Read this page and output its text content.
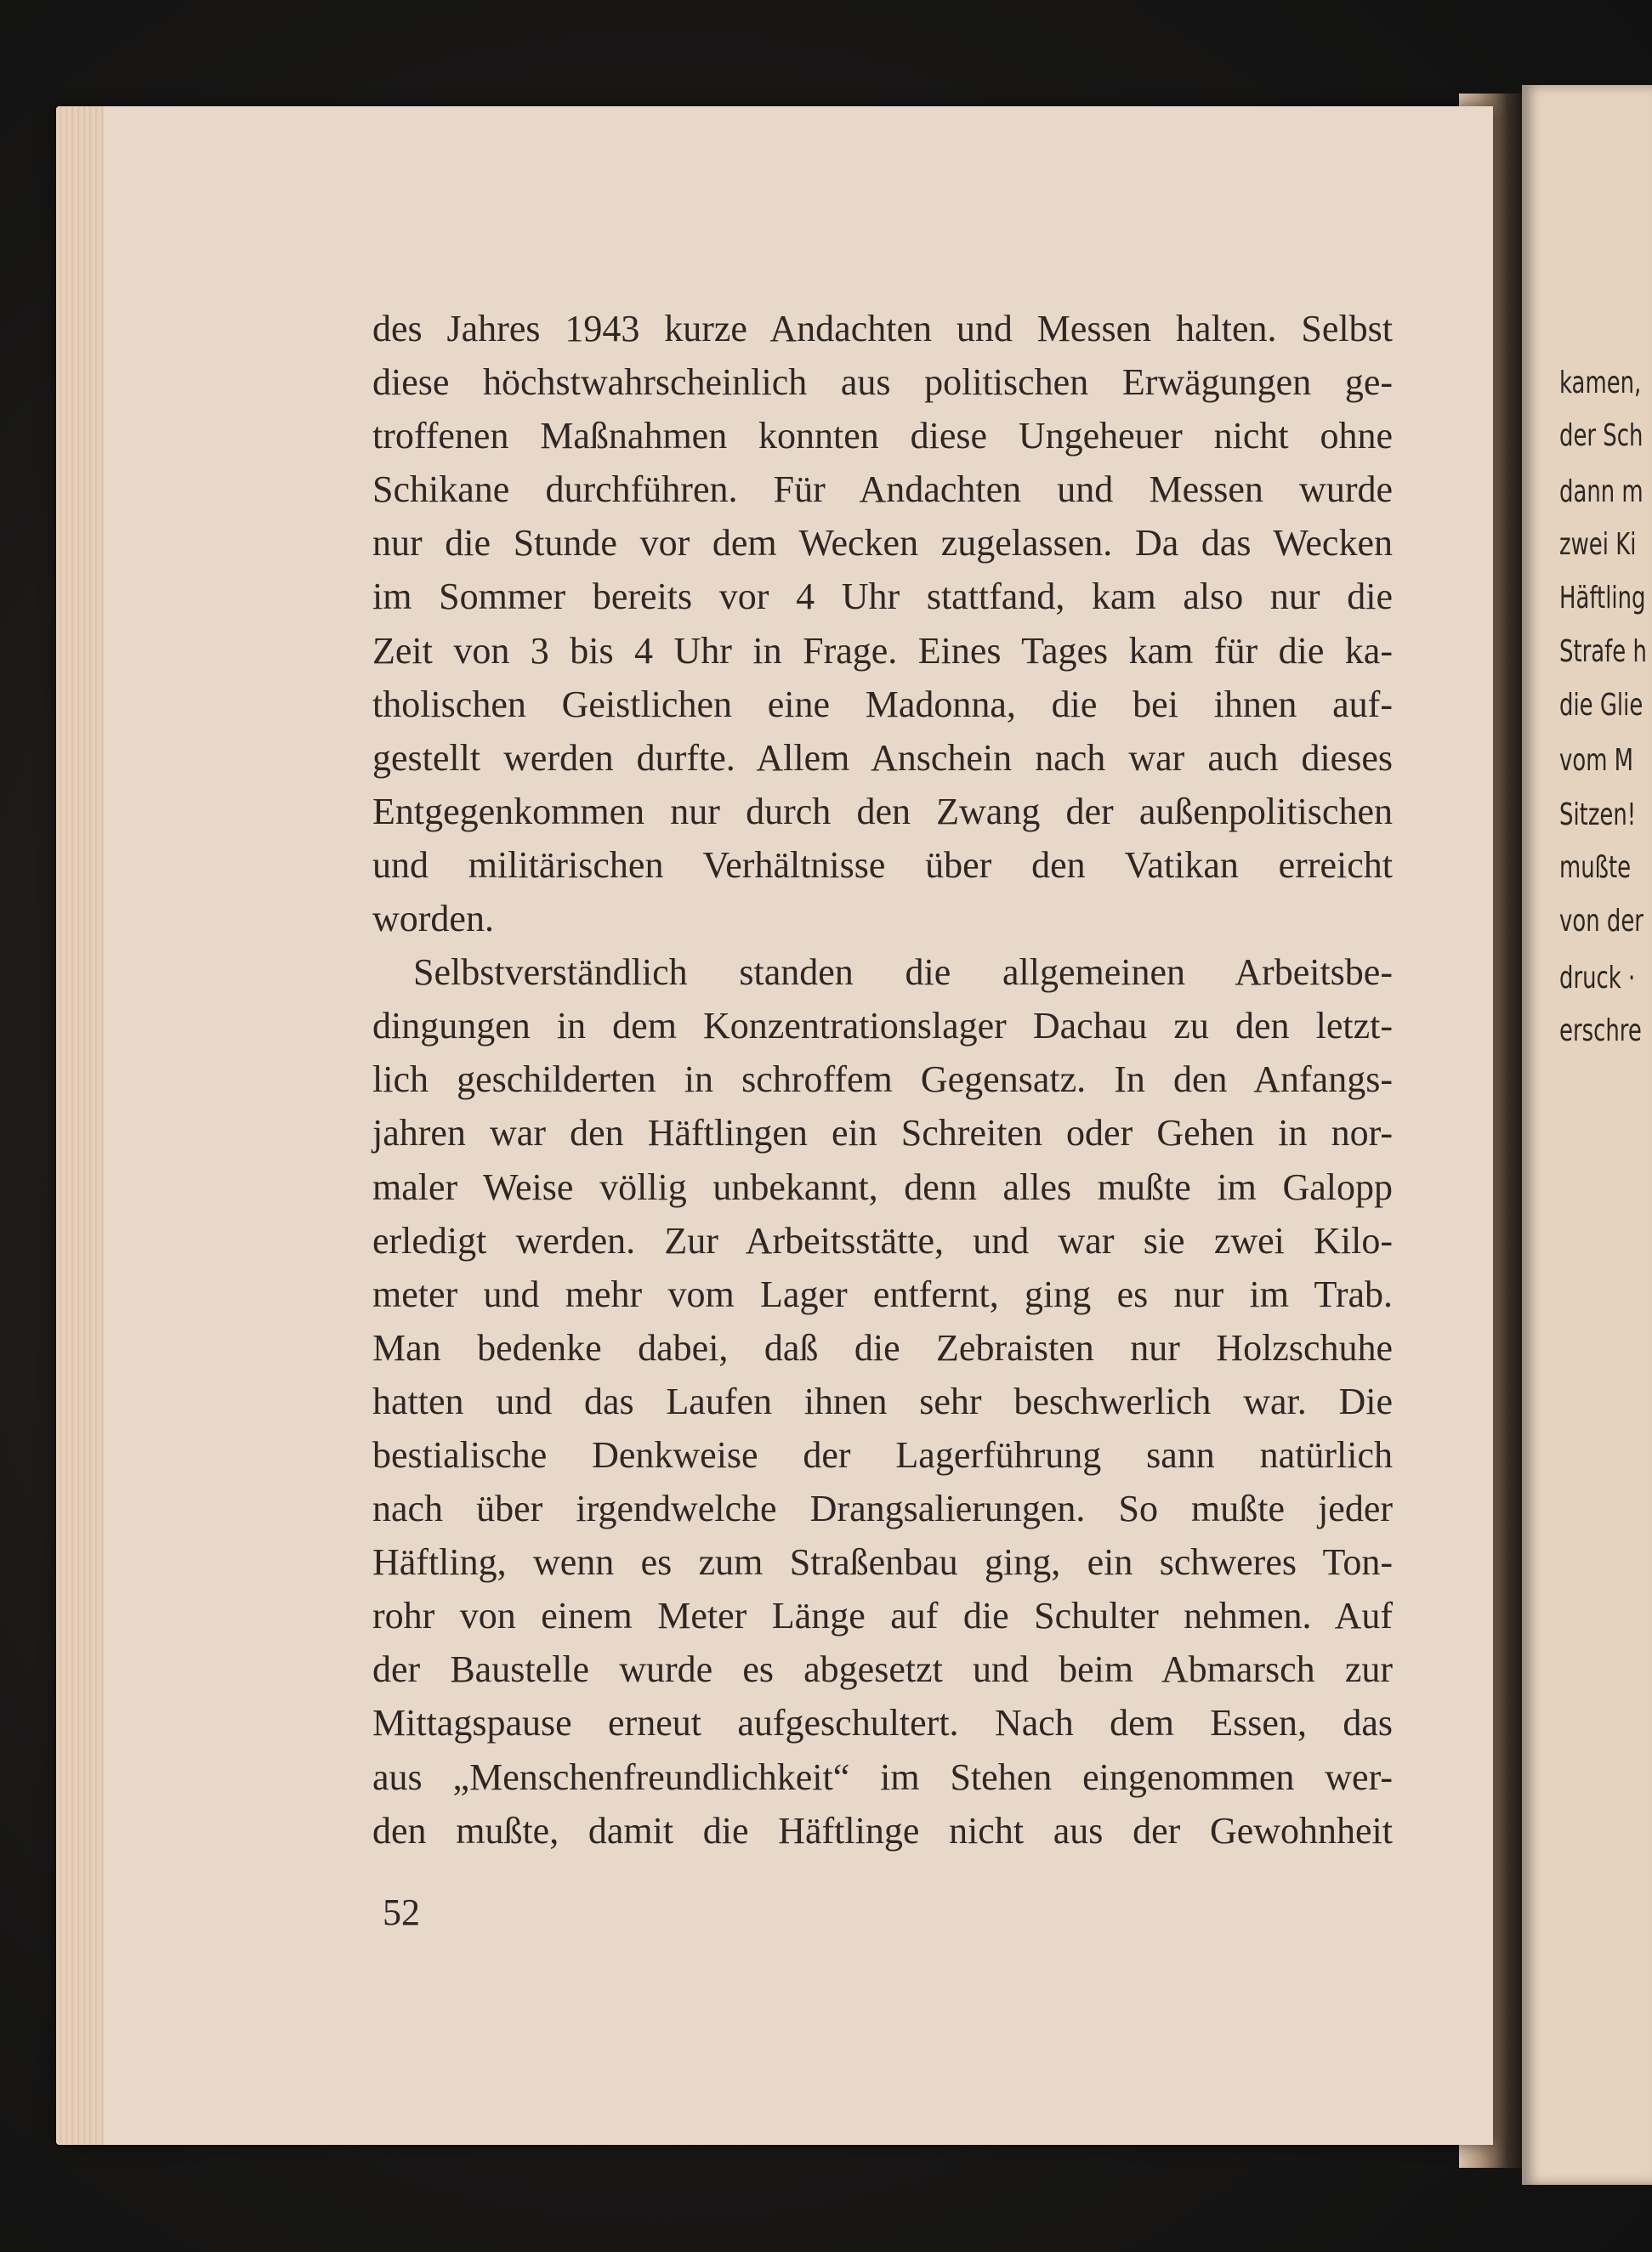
kamen,

der Sch

dann m

zwei Ki

Häftling

Strafe h

die Glie

vom M

Sitzen!

mußte

von der

druck ·

erschre

des Jahres 1943 kurze Andachten und Messen halten. Selbst

diese höchstwahrscheinlich aus politischen Erwägungen ge-

troffenen Maßnahmen konnten diese Ungeheuer nicht ohne

Schikane durchführen. Für Andachten und Messen wurde

nur die Stunde vor dem Wecken zugelassen. Da das Wecken

im Sommer bereits vor 4 Uhr stattfand, kam also nur die

Zeit von 3 bis 4 Uhr in Frage. Eines Tages kam für die ka-

tholischen Geistlichen eine Madonna, die bei ihnen auf-

gestellt werden durfte. Allem Anschein nach war auch dieses

Entgegenkommen nur durch den Zwang der außenpolitischen

und militärischen Verhältnisse über den Vatikan erreicht

worden.

Selbstverständlich standen die allgemeinen Arbeitsbe-

dingungen in dem Konzentrationslager Dachau zu den letzt-

lich geschilderten in schroffem Gegensatz. In den Anfangs-

jahren war den Häftlingen ein Schreiten oder Gehen in nor-

maler Weise völlig unbekannt, denn alles mußte im Galopp

erledigt werden. Zur Arbeitsstätte, und war sie zwei Kilo-

meter und mehr vom Lager entfernt, ging es nur im Trab.

Man bedenke dabei, daß die Zebraisten nur Holzschuhe

hatten und das Laufen ihnen sehr beschwerlich war. Die

bestialische Denkweise der Lagerführung sann natürlich

nach über irgendwelche Drangsalierungen. So mußte jeder

Häftling, wenn es zum Straßenbau ging, ein schweres Ton-

rohr von einem Meter Länge auf die Schulter nehmen. Auf

der Baustelle wurde es abgesetzt und beim Abmarsch zur

Mittagspause erneut aufgeschultert. Nach dem Essen, das

aus „Menschenfreundlichkeit“ im Stehen eingenommen wer-

den mußte, damit die Häftlinge nicht aus der Gewohnheit

52
